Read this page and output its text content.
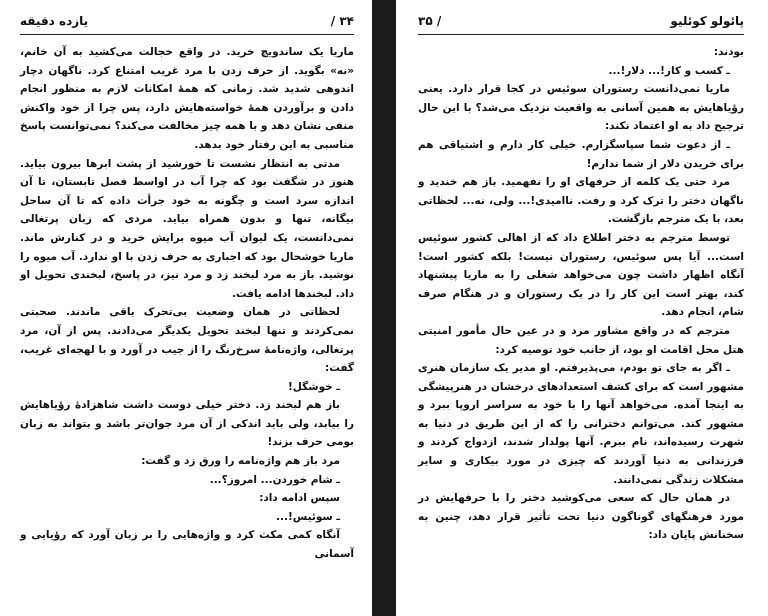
۳۴ /
یازده دقیقه

ماریا یک ساندویچ خرید. در واقع خجالت می‌کشید به آن خانم، «نه» بگوید. از حرف زدن با مرد غریب امتناع کرد. ناگهان دچار اندوهی شدید شد. زمانی که همهٔ امکانات لازم به منظور انجام دادن و برآوردن همهٔ خواسته‌هایش دارد، پس چرا از خود واکنش منفی نشان دهد و با همه چیز مخالفت می‌کند؟ نمی‌توانست پاسخ مناسبی به این رفتار خود بدهد.

مدتی به انتظار نشست تا خورشید از پشت ابرها بیرون بیاید. هنوز در شگفت بود که چرا آب در اواسط فصل تابستان، تا آن اندازه سرد است و چگونه به خود جرأت داده که تا آن ساحل بیگانه، تنها و بدون همراه بیاید. مردی که زبان پرتغالی نمی‌دانست، یک لیوان آب میوه برایش خرید و در کنارش ماند. ماریا خوشحال بود که اجباری به حرف زدن با او ندارد. آب میوه را نوشید. باز به مرد لبخند زد و مرد نیز، در پاسخ، لبخندی تحویل او داد. لبخندها ادامه یافت.

لحظاتی در همان وضعیت بی‌تحرک باقی ماندند. صحبتی نمی‌کردند و تنها لبخند تحویل یکدیگر می‌دادند. پس از آن، مرد پرتغالی، واژه‌نامهٔ سرخ‌رنگ را از جیب در آورد و با لهجه‌ای غریب، گفت:

ـ خوشگل!

باز هم لبخند زد. دختر خیلی دوست داشت شاهزادهٔ رؤیاهایش را بیابد، ولی باید اندکی از آن مرد جوان‌تر باشد و بتواند به زبان بومی حرف بزند!

مرد باز هم واژه‌نامه را ورق زد و گفت:

ـ شام خوردن... امروز؟...

سپس ادامه داد:

ـ سوئیس!...

آنگاه کمی مکث کرد و واژه‌هایی را بر زبان آورد که رؤیایی و آسمانی

پائولو کوئلیو
/ ۳۵

بودند:

ـ کسب و کار!... دلار!...

ماریا نمی‌دانست رستوران سوئیس در کجا قرار دارد. یعنی رؤیاهایش به همین آسانی به واقعیت نزدیک می‌شد؟ با این حال ترجیح داد به او اعتماد نکند:

ـ از دعوت شما سپاسگزارم. خیلی کار دارم و اشتیاقی هم برای خریدن دلار از شما ندارم!

مرد حتی یک کلمه از حرفهای او را نفهمید. باز هم خندید و ناگهان دختر را ترک کرد و رفت. ناامیدی!... ولی، نه... لحظاتی بعد، با یک مترجم بازگشت.

توسط مترجم به دختر اطلاع داد که از اهالی کشور سوئیس است... آیا پس سوئیس، رستوران نیست! بلکه کشور است! آنگاه اظهار داشت چون می‌خواهد شغلی را به ماریا پیشنهاد کند، بهتر است این کار را در یک رستوران و در هنگام صرف شام، انجام دهد.

مترجم که در واقع مشاور مرد و در عین حال مأمور امنیتی هتل محل اقامت او بود، از جانب خود توصیه کرد:

ـ اگر به جای تو بودم، می‌پذیرفتم. او مدیر یک سازمان هنری مشهور است که برای کشف استعدادهای درخشان در هنرپیشگی به اینجا آمده. می‌خواهد آنها را با خود به سراسر اروپا ببرد و مشهور کند. می‌توانم دخترانی را که از این طریق در دنیا به شهرت رسیده‌اند، نام ببرم. آنها پولدار شدند، ازدواج کردند و فرزندانی به دنیا آوردند که چیزی در مورد بیکاری و سایر مشکلات زندگی نمی‌دانند.

در همان حال که سعی می‌کوشید دختر را با حرفهایش در مورد فرهنگهای گوناگون دنیا تحت تأثیر قرار دهد، چنین به سخنانش پایان داد:
